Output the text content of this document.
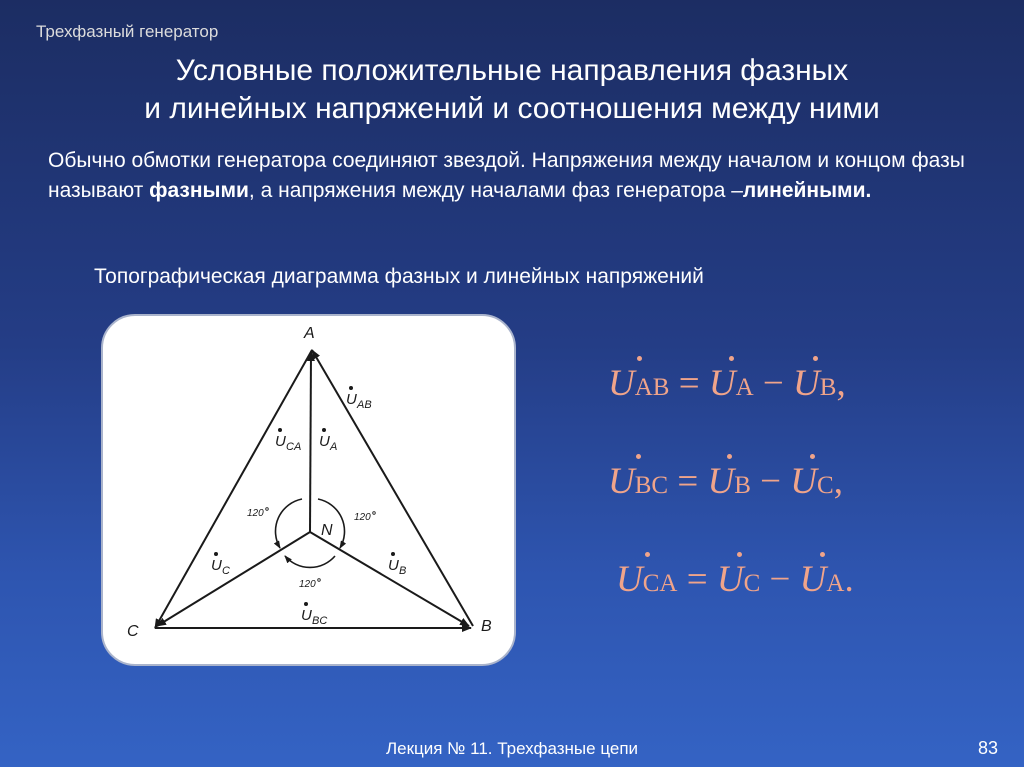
Трехфазный генератор
Условные положительные направления фазных
и линейных напряжений и соотношения между ними
Обычно обмотки генератора соединяют звездой. Напряжения между началом и концом фазы называют фазными, а напряжения между началами фаз генератора –линейными.
Топографическая диаграмма фазных и линейных напряжений
A
B
C
N
U AB
U CA U A
U C	U B
U BC
120	120
120
UAB = UA − UB,
UBC = UB − UC,
UCA = UC − UA.
Лекция № 11. Трехфазные цепи	83
